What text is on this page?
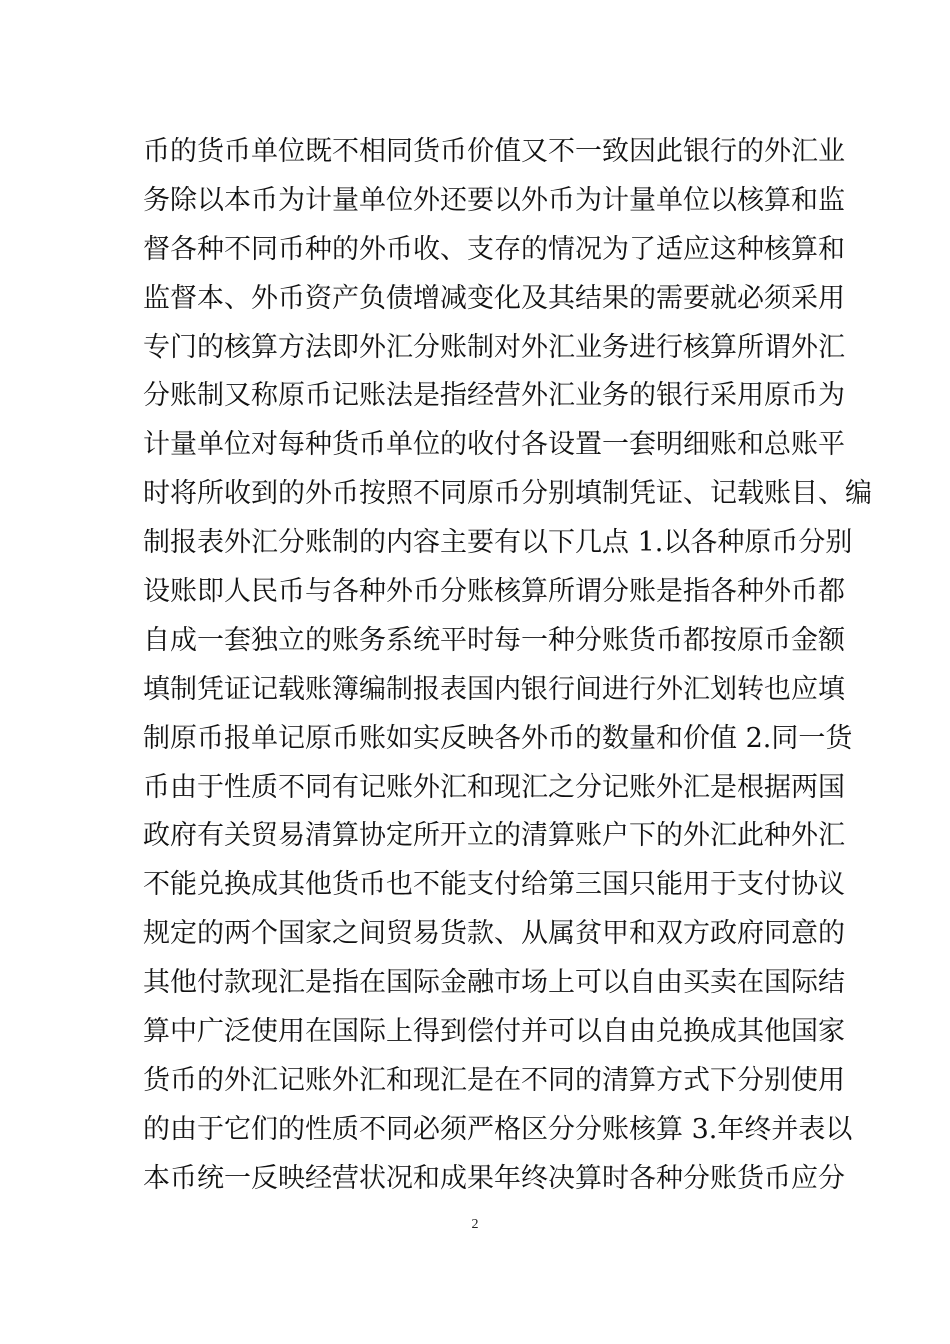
币的货币单位既不相同货币价值又不一致因此银行的外汇业
务除以本币为计量单位外还要以外币为计量单位以核算和监
督各种不同币种的外币收、支存的情况为了适应这种核算和
监督本、外币资产负债增减变化及其结果的需要就必须采用
专门的核算方法即外汇分账制对外汇业务进行核算所谓外汇
分账制又称原币记账法是指经营外汇业务的银行采用原币为
计量单位对每种货币单位的收付各设置一套明细账和总账平
时将所收到的外币按照不同原币分别填制凭证、记载账目、编
制报表外汇分账制的内容主要有以下几点 1.以各种原币分别
设账即人民币与各种外币分账核算所谓分账是指各种外币都
自成一套独立的账务系统平时每一种分账货币都按原币金额
填制凭证记载账簿编制报表国内银行间进行外汇划转也应填
制原币报单记原币账如实反映各外币的数量和价值 2.同一货
币由于性质不同有记账外汇和现汇之分记账外汇是根据两国
政府有关贸易清算协定所开立的清算账户下的外汇此种外汇
不能兑换成其他货币也不能支付给第三国只能用于支付协议
规定的两个国家之间贸易货款、从属贫甲和双方政府同意的
其他付款现汇是指在国际金融市场上可以自由买卖在国际结
算中广泛使用在国际上得到偿付并可以自由兑换成其他国家
货币的外汇记账外汇和现汇是在不同的清算方式下分别使用
的由于它们的性质不同必须严格区分分账核算 3.年终并表以
本币统一反映经营状况和成果年终决算时各种分账货币应分
2
